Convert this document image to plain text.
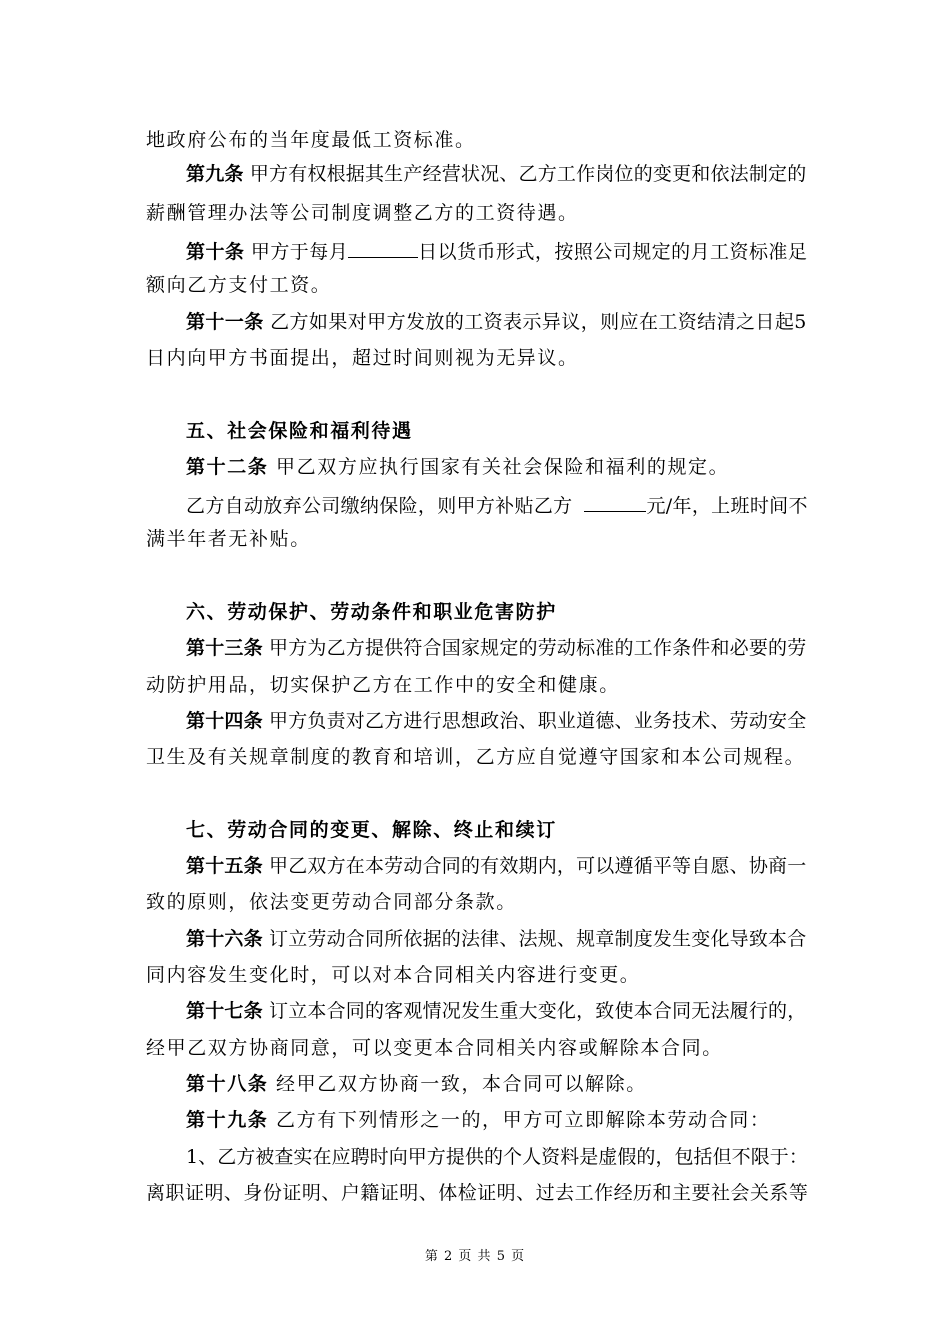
地政府公布的当年度最低工资标准。
第九条 甲方有权根据其生产经营状况、乙方工作岗位的变更和依法制定的
薪酬管理办法等公司制度调整乙方的工资待遇。
第十条 甲方于每月	日以货币形式，按照公司规定的月工资标准足
额向乙方支付工资。
第十一条 乙方如果对甲方发放的工资表示异议，则应在工资结清之日起5
日内向甲方书面提出，超过时间则视为无异议。
五、社会保险和福利待遇
第十二条 甲乙双方应执行国家有关社会保险和福利的规定。
乙方自动放弃公司缴纳保险，则甲方补贴乙方	元/年，上班时间不
满半年者无补贴。
六、劳动保护、劳动条件和职业危害防护
第十三条 甲方为乙方提供符合国家规定的劳动标准的工作条件和必要的劳
动防护用品，切实保护乙方在工作中的安全和健康。
第十四条 甲方负责对乙方进行思想政治、职业道德、业务技术、劳动安全
卫生及有关规章制度的教育和培训，乙方应自觉遵守国家和本公司规程。
七、劳动合同的变更、解除、终止和续订
第十五条 甲乙双方在本劳动合同的有效期内，可以遵循平等自愿、协商一
致的原则，依法变更劳动合同部分条款。
第十六条 订立劳动合同所依据的法律、法规、规章制度发生变化导致本合
同内容发生变化时，可以对本合同相关内容进行变更。
第十七条 订立本合同的客观情况发生重大变化，致使本合同无法履行的，
经甲乙双方协商同意，可以变更本合同相关内容或解除本合同。
第十八条 经甲乙双方协商一致，本合同可以解除。
第十九条 乙方有下列情形之一的，甲方可立即解除本劳动合同：
1、乙方被查实在应聘时向甲方提供的个人资料是虚假的，包括但不限于：
离职证明、身份证明、户籍证明、体检证明、过去工作经历和主要社会关系等
第 2 页 共 5 页
